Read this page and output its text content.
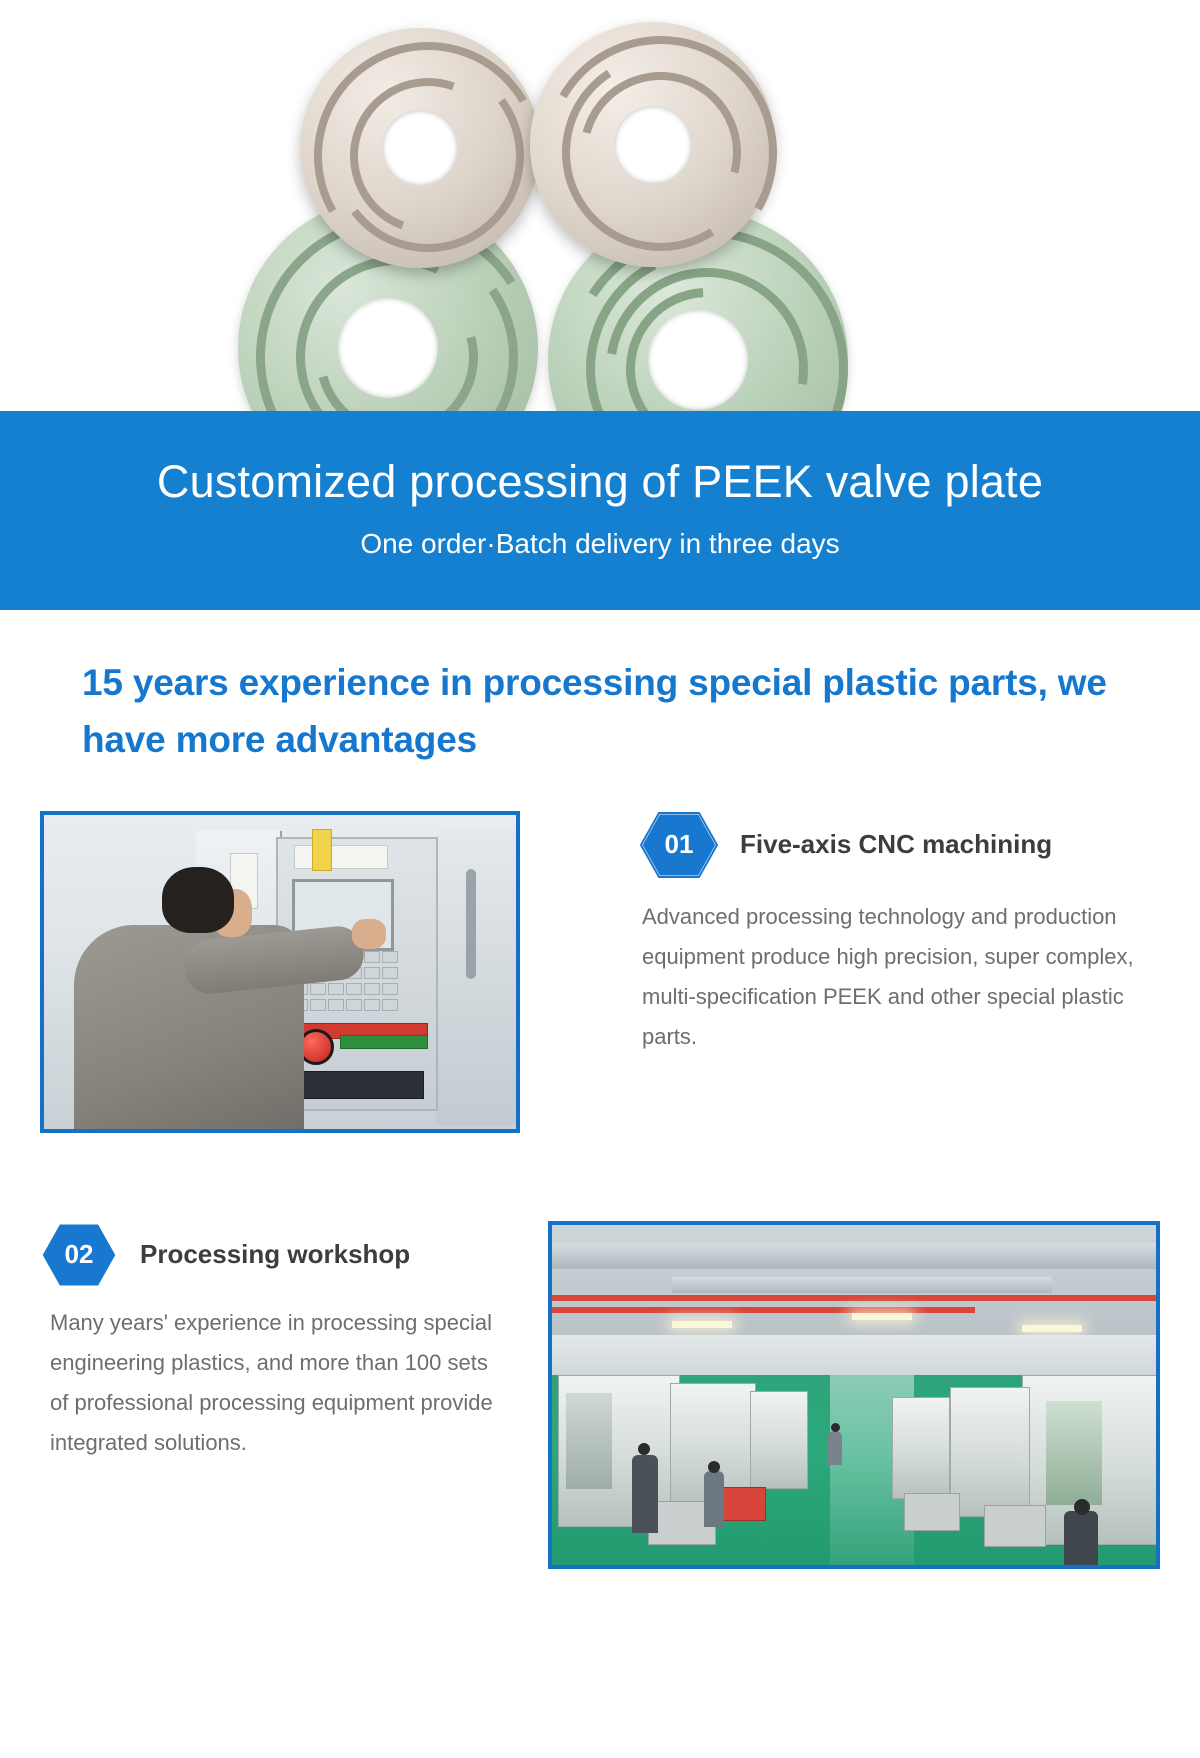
Customized processing of PEEK valve plate

One order·Batch delivery in three days

15 years experience in processing special plastic parts, we have more advantages
01	Five-axis CNC machining
Advanced processing technology and production equipment produce high precision, super complex, multi-specification PEEK and other special plastic parts.
02	Processing workshop
Many years' experience in processing special engineering plastics, and more than 100 sets of professional processing equipment provide integrated solutions.
